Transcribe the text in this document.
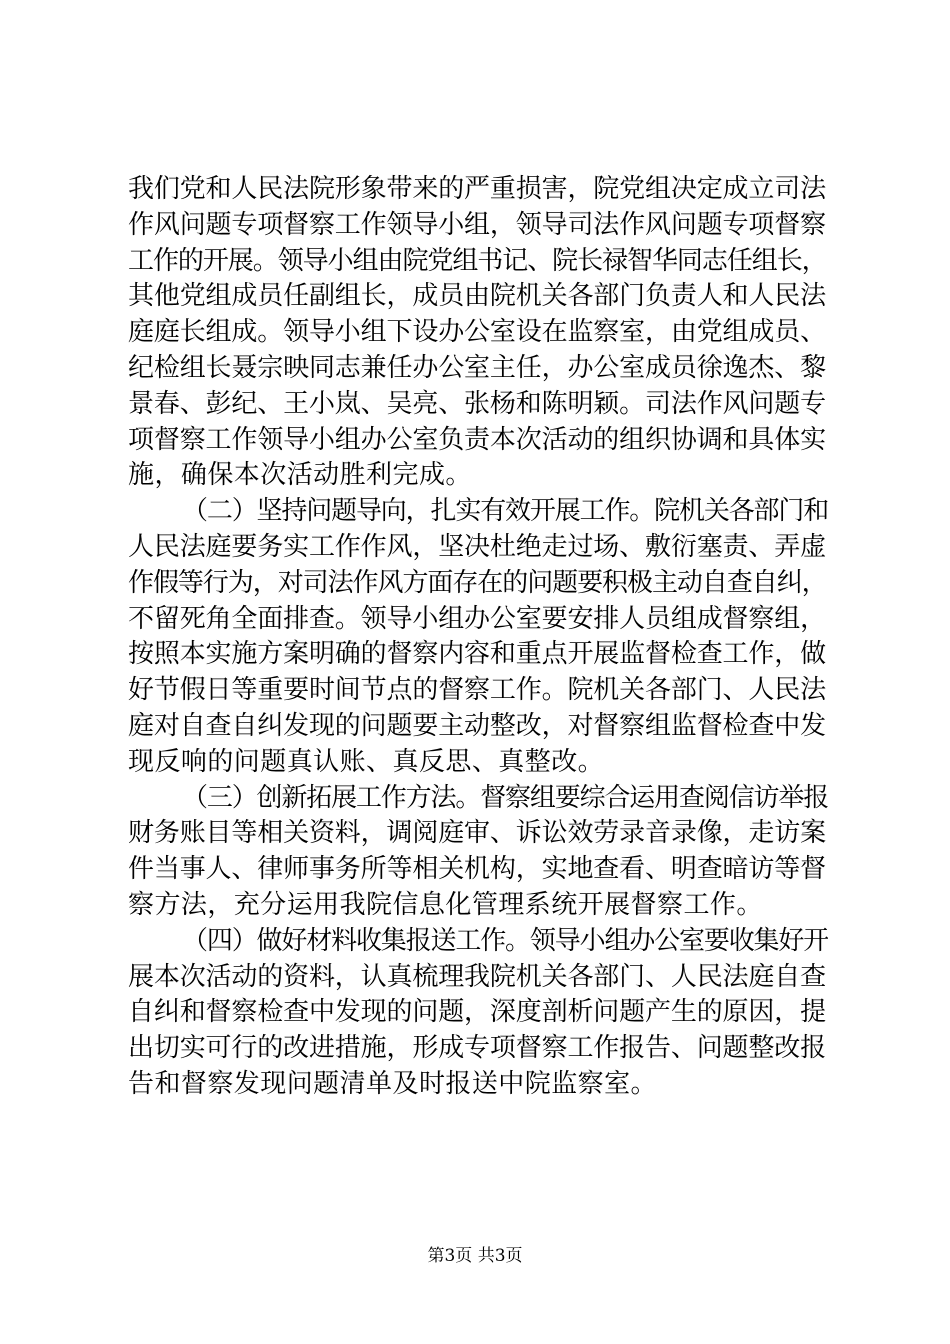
我们党和人民法院形象带来的严重损害，院党组决定成立司法
作风问题专项督察工作领导小组，领导司法作风问题专项督察
工作的开展。领导小组由院党组书记、院长禄智华同志任组长，
其他党组成员任副组长，成员由院机关各部门负责人和人民法
庭庭长组成。领导小组下设办公室设在监察室，由党组成员、
纪检组长聂宗映同志兼任办公室主任，办公室成员徐逸杰、黎
景春、彭纪、王小岚、吴亮、张杨和陈明颖。司法作风问题专
项督察工作领导小组办公室负责本次活动的组织协调和具体实
施，确保本次活动胜利完成。
（二）坚持问题导向，扎实有效开展工作。院机关各部门和
人民法庭要务实工作作风，坚决杜绝走过场、敷衍塞责、弄虚
作假等行为，对司法作风方面存在的问题要积极主动自查自纠，
不留死角全面排查。领导小组办公室要安排人员组成督察组，
按照本实施方案明确的督察内容和重点开展监督检查工作，做
好节假日等重要时间节点的督察工作。院机关各部门、人民法
庭对自查自纠发现的问题要主动整改，对督察组监督检查中发
现反响的问题真认账、真反思、真整改。
（三）创新拓展工作方法。督察组要综合运用查阅信访举报
财务账目等相关资料，调阅庭审、诉讼效劳录音录像，走访案
件当事人、律师事务所等相关机构，实地查看、明查暗访等督
察方法，充分运用我院信息化管理系统开展督察工作。
（四）做好材料收集报送工作。领导小组办公室要收集好开
展本次活动的资料，认真梳理我院机关各部门、人民法庭自查
自纠和督察检查中发现的问题，深度剖析问题产生的原因，提
出切实可行的改进措施，形成专项督察工作报告、问题整改报
告和督察发现问题清单及时报送中院监察室。
第3页 共3页
